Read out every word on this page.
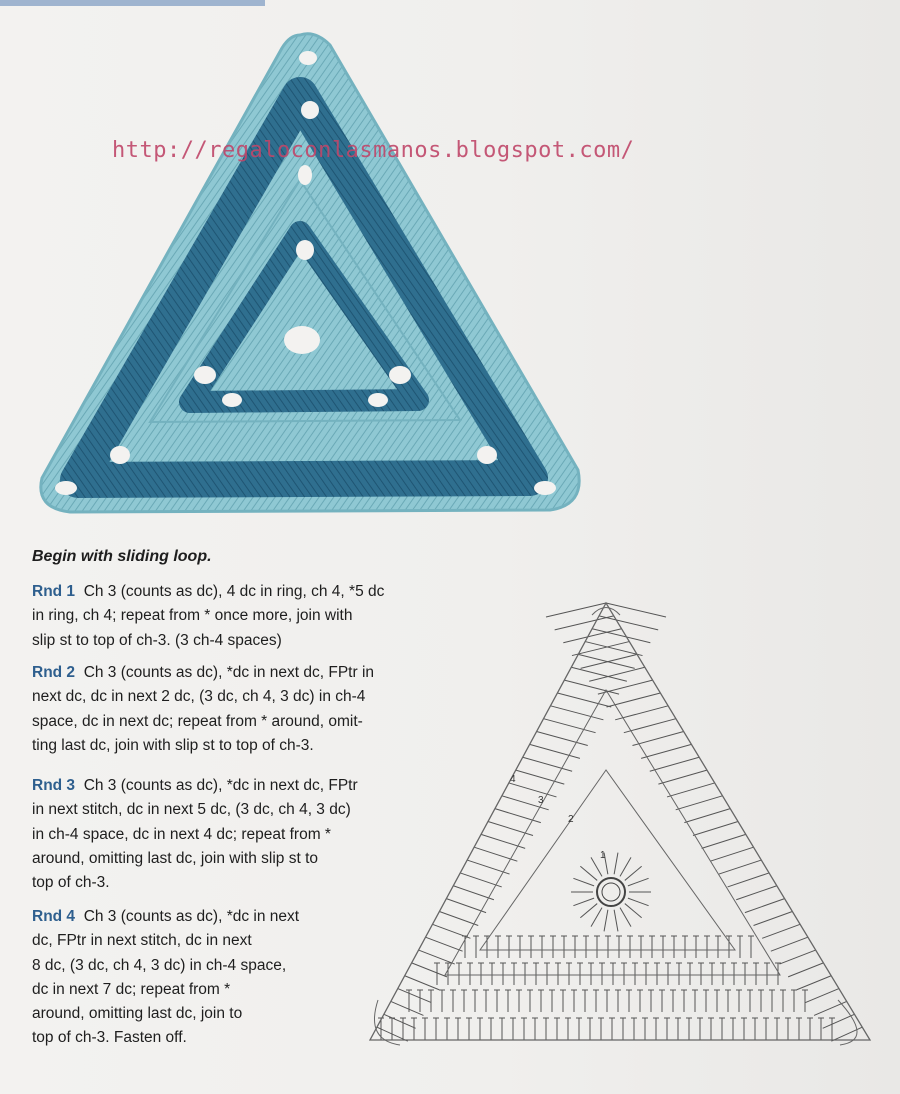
http://regaloconlasmanos.blogspot.com/
Begin with sliding loop.
Rnd 1 Ch 3 (counts as dc), 4 dc in ring, ch 4, *5 dc
in ring, ch 4; repeat from * once more, join with
slip st to top of ch-3. (3 ch-4 spaces)
Rnd 2 Ch 3 (counts as dc), *dc in next dc, FPtr in
next dc, dc in next 2 dc, (3 dc, ch 4, 3 dc) in ch-4
space, dc in next dc; repeat from * around, omit-
ting last dc, join with slip st to top of ch-3.
Rnd 3 Ch 3 (counts as dc), *dc in next dc, FPtr
in next stitch, dc in next 5 dc, (3 dc, ch 4, 3 dc)
in ch-4 space, dc in next 4 dc; repeat from *
around, omitting last dc, join with slip st to
top of ch-3.
Rnd 4 Ch 3 (counts as dc), *dc in next
dc, FPtr in next stitch, dc in next
8 dc, (3 dc, ch 4, 3 dc) in ch-4 space,
dc in next 7 dc; repeat from *
around, omitting last dc, join to
top of ch-3. Fasten off.
1
2
3
4
